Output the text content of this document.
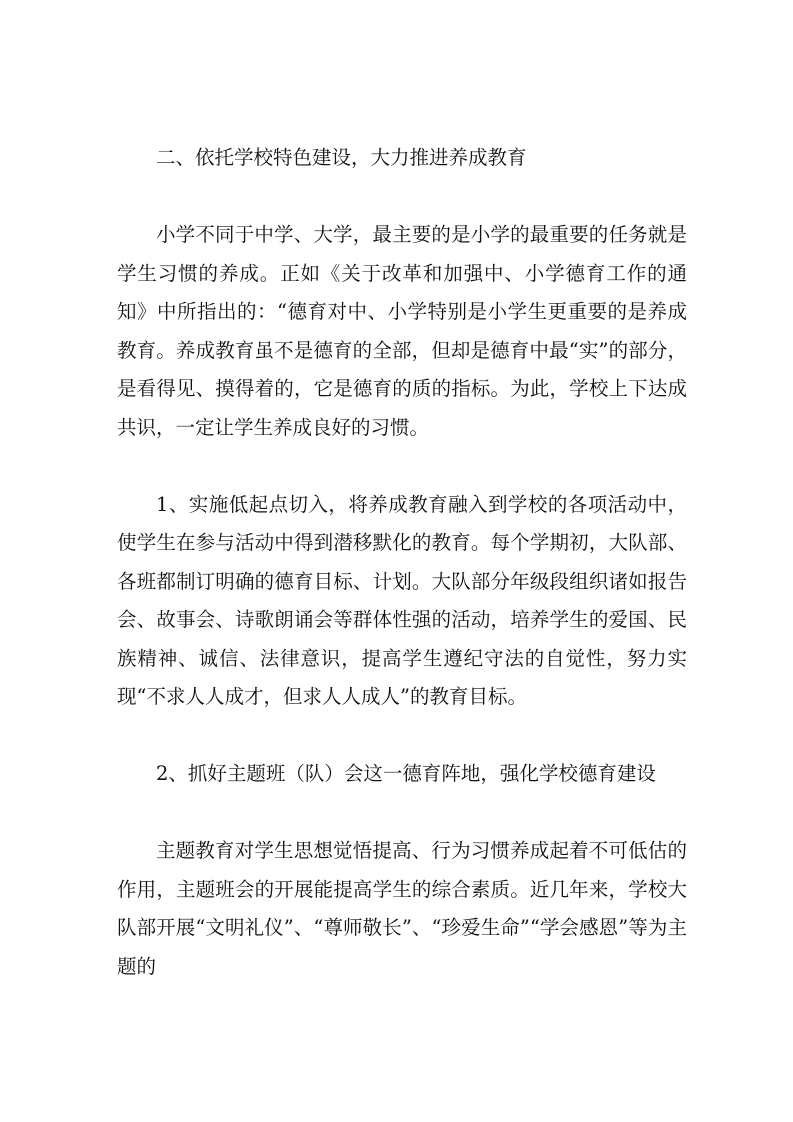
二、依托学校特色建设，大力推进养成教育

小学不同于中学、大学，最主要的是小学的最重要的任务就是学生习惯的养成。正如《关于改革和加强中、小学德育工作的通知》中所指出的：“德育对中、小学特别是小学生更重要的是养成教育。养成教育虽不是德育的全部，但却是德育中最“实”的部分，是看得见、摸得着的，它是德育的质的指标。为此，学校上下达成共识，一定让学生养成良好的习惯。

1、实施低起点切入，将养成教育融入到学校的各项活动中，使学生在参与活动中得到潜移默化的教育。每个学期初，大队部、各班都制订明确的德育目标、计划。大队部分年级段组织诸如报告会、故事会、诗歌朗诵会等群体性强的活动，培养学生的爱国、民族精神、诚信、法律意识，提高学生遵纪守法的自觉性，努力实现“不求人人成才，但求人人成人”的教育目标。

2、抓好主题班（队）会这一德育阵地，强化学校德育建设

主题教育对学生思想觉悟提高、行为习惯养成起着不可低估的作用，主题班会的开展能提高学生的综合素质。近几年来，学校大队部开展“文明礼仪”、“尊师敬长”、“珍爱生命”“学会感恩”等为主题的
